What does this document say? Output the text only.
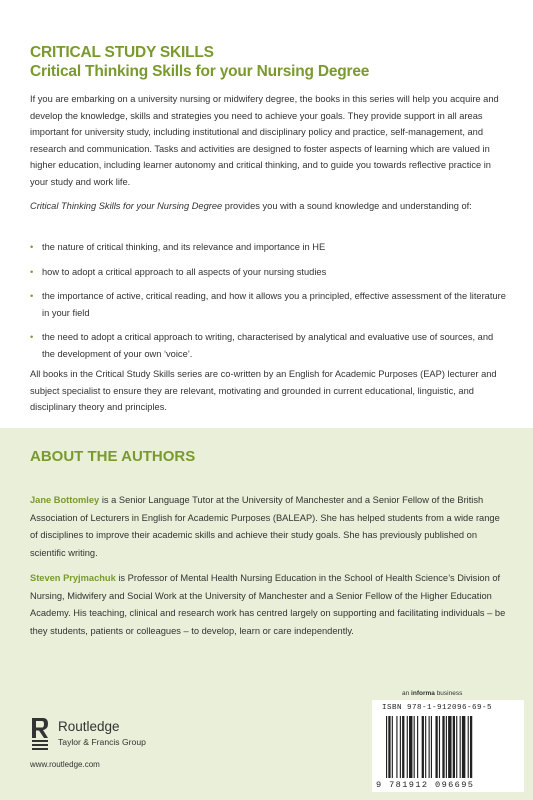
CRITICAL STUDY SKILLS
Critical Thinking Skills for your Nursing Degree
If you are embarking on a university nursing or midwifery degree, the books in this series will help you acquire and develop the knowledge, skills and strategies you need to achieve your goals. They provide support in all areas important for university study, including institutional and disciplinary policy and practice, self-management, and research and communication. Tasks and activities are designed to foster aspects of learning which are valued in higher education, including learner autonomy and critical thinking, and to guide you towards reflective practice in your study and work life.
Critical Thinking Skills for your Nursing Degree provides you with a sound knowledge and understanding of:
• the nature of critical thinking, and its relevance and importance in HE
• how to adopt a critical approach to all aspects of your nursing studies
• the importance of active, critical reading, and how it allows you a principled, effective assessment of the literature in your field
• the need to adopt a critical approach to writing, characterised by analytical and evaluative use of sources, and the development of your own ‘voice’.
All books in the Critical Study Skills series are co-written by an English for Academic Purposes (EAP) lecturer and subject specialist to ensure they are relevant, motivating and grounded in current educational, linguistic, and disciplinary theory and principles.
ABOUT THE AUTHORS
Jane Bottomley is a Senior Language Tutor at the University of Manchester and a Senior Fellow of the British Association of Lecturers in English for Academic Purposes (BALEAP). She has helped students from a wide range of disciplines to improve their academic skills and achieve their study goals. She has previously published on scientific writing.
Steven Pryjmachuk is Professor of Mental Health Nursing Education in the School of Health Science’s Division of Nursing, Midwifery and Social Work at the University of Manchester and a Senior Fellow of the Higher Education Academy. His teaching, clinical and research work has centred largely on supporting and facilitating individuals – be they students, patients or colleagues – to develop, learn or care independently.
Routledge
Taylor & Francis Group
www.routledge.com
an informa business
ISBN 978-1-912096-69-5
9 781912 096695
